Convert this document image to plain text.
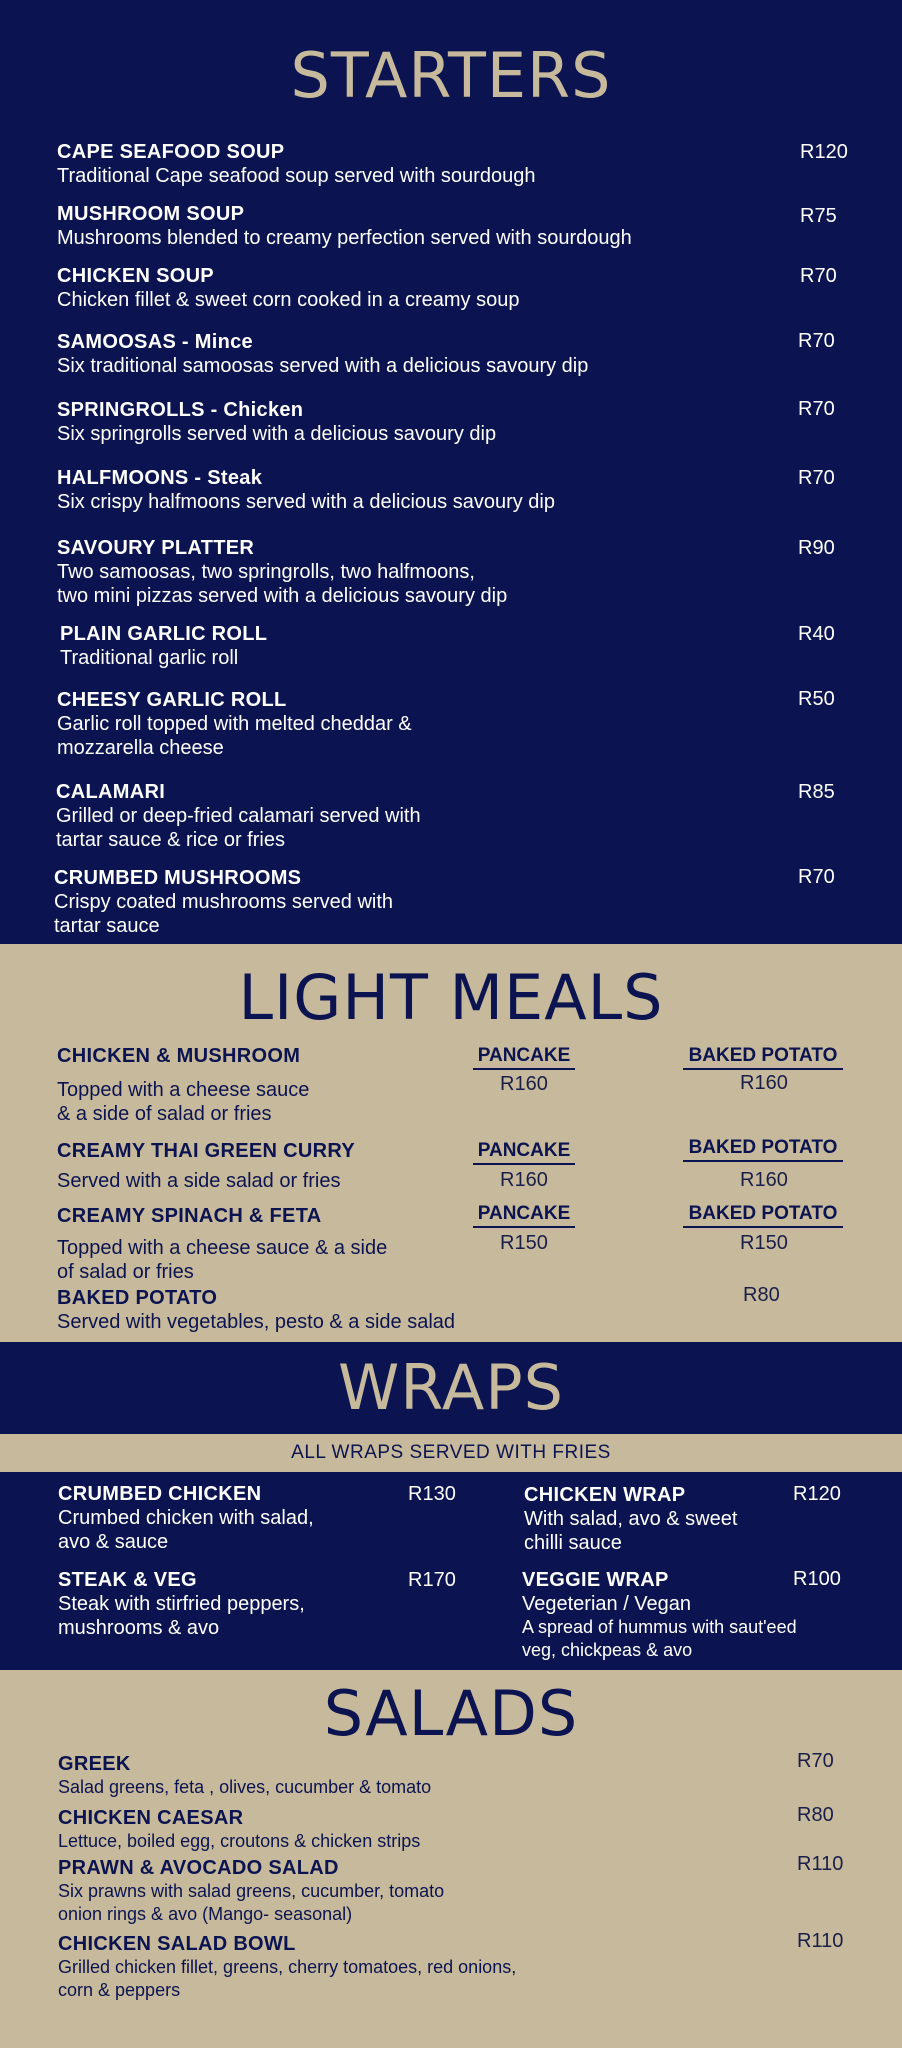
STARTERS
CAPE SEAFOOD SOUP
Traditional Cape seafood soup served with sourdough
R120
MUSHROOM SOUP
Mushrooms blended to creamy perfection served with sourdough
R75
CHICKEN SOUP
Chicken fillet & sweet corn cooked in a creamy soup
R70
SAMOOSAS - Mince
Six traditional samoosas served with a delicious savoury dip
R70
SPRINGROLLS - Chicken
Six springrolls served with a delicious savoury dip
R70
HALFMOONS - Steak
Six crispy halfmoons served with a delicious savoury dip
R70
SAVOURY PLATTER
Two samoosas, two springrolls, two halfmoons,
two mini pizzas served with a delicious savoury dip
R90
PLAIN GARLIC ROLL
Traditional garlic roll
R40
CHEESY GARLIC ROLL
Garlic roll topped with melted cheddar &
mozzarella cheese
R50
CALAMARI
Grilled or deep-fried calamari served with
tartar sauce & rice or fries
R85
CRUMBED MUSHROOMS
Crispy coated mushrooms served with
tartar sauce
R70
LIGHT MEALS
CHICKEN & MUSHROOM
Topped with a cheese sauce
& a side of salad or fries
PANCAKE
R160
BAKED POTATO
R160
CREAMY THAI GREEN CURRY
Served with a side salad or fries
PANCAKE
R160
BAKED POTATO
R160
CREAMY SPINACH & FETA
Topped with a cheese sauce & a side
of salad or fries
PANCAKE
R150
BAKED POTATO
R150
BAKED POTATO
Served with vegetables, pesto & a side salad
R80
WRAPS
ALL WRAPS SERVED WITH FRIES
CRUMBED CHICKEN
Crumbed chicken with salad,
avo & sauce
R130	CHICKEN WRAP
With salad, avo & sweet
chilli sauce
R120
STEAK & VEG
Steak with stirfried peppers,
mushrooms & avo
R170	VEGGIE WRAP
Vegeterian / Vegan
A spread of hummus with saut'eed
veg, chickpeas & avo
R100
SALADS
GREEK
Salad greens, feta , olives, cucumber & tomato
R70
CHICKEN CAESAR
Lettuce, boiled egg, croutons & chicken strips
R80
PRAWN & AVOCADO SALAD
Six prawns with salad greens, cucumber, tomato
onion rings & avo (Mango- seasonal)
R110
CHICKEN SALAD BOWL
Grilled chicken fillet, greens, cherry tomatoes, red onions,
corn & peppers
R110
